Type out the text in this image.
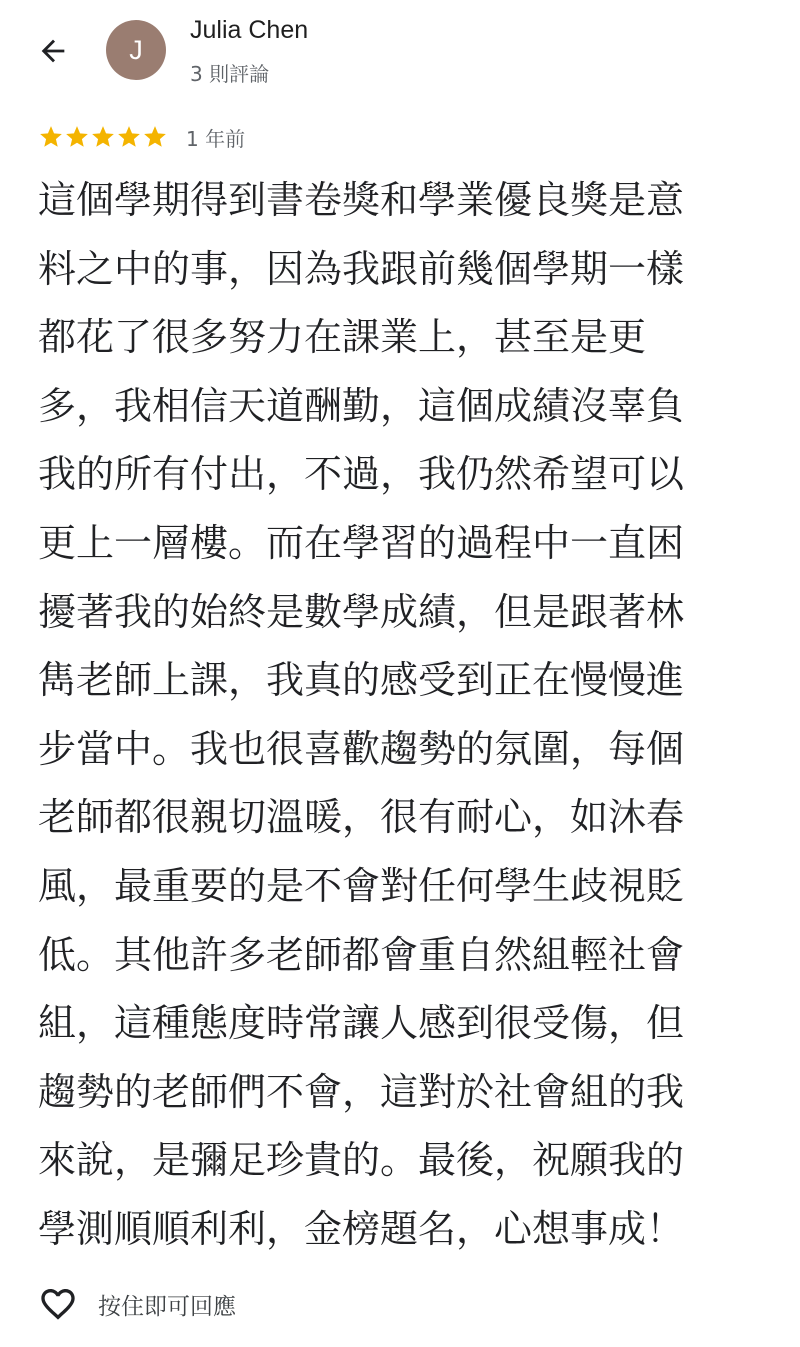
J
Julia Chen
3 則評論
1 年前
這個學期得到書卷獎和學業優良獎是意
料之中的事，因為我跟前幾個學期一樣
都花了很多努力在課業上，甚至是更
多，我相信天道酬勤，這個成績沒辜負
我的所有付出，不過，我仍然希望可以
更上一層樓。而在學習的過程中一直困
擾著我的始終是數學成績，但是跟著林
雋老師上課，我真的感受到正在慢慢進
步當中。我也很喜歡趨勢的氛圍，每個
老師都很親切溫暖，很有耐心，如沐春
風，最重要的是不會對任何學生歧視貶
低。其他許多老師都會重自然組輕社會
組，這種態度時常讓人感到很受傷，但
趨勢的老師們不會，這對於社會組的我
來說，是彌足珍貴的。最後，祝願我的
學測順順利利，金榜題名，心想事成！
按住即可回應
